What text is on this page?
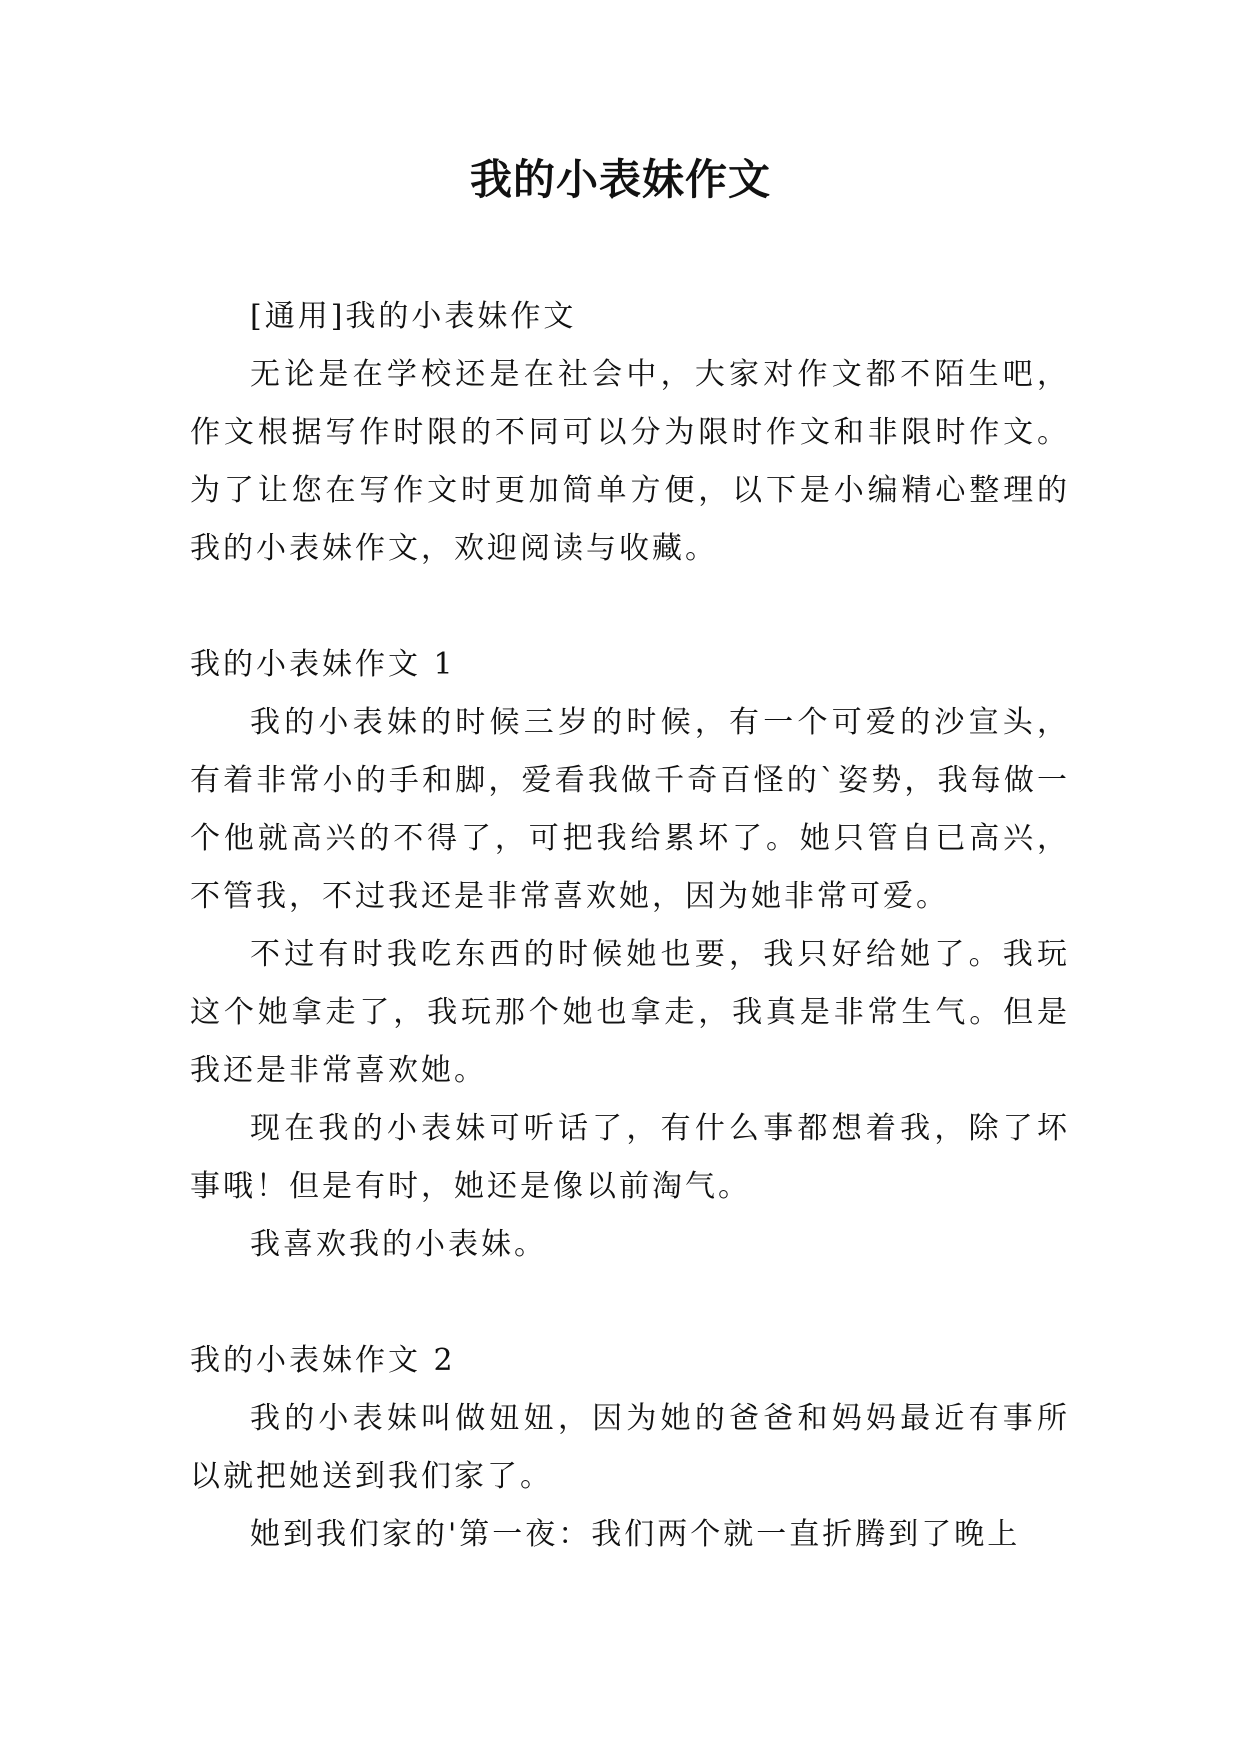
我的小表妹作文

[通用]我的小表妹作文

无论是在学校还是在社会中，大家对作文都不陌生吧，作文根据写作时限的不同可以分为限时作文和非限时作文。为了让您在写作文时更加简单方便，以下是小编精心整理的我的小表妹作文，欢迎阅读与收藏。

我的小表妹作文 1

我的小表妹的时候三岁的时候，有一个可爱的沙宣头，有着非常小的手和脚，爱看我做千奇百怪的`姿势，我每做一个他就高兴的不得了，可把我给累坏了。她只管自已高兴，不管我，不过我还是非常喜欢她，因为她非常可爱。

不过有时我吃东西的时候她也要，我只好给她了。我玩这个她拿走了，我玩那个她也拿走，我真是非常生气。但是我还是非常喜欢她。

现在我的小表妹可听话了，有什么事都想着我，除了坏事哦！但是有时，她还是像以前淘气。

我喜欢我的小表妹。

我的小表妹作文 2

我的小表妹叫做妞妞，因为她的爸爸和妈妈最近有事所以就把她送到我们家了。

她到我们家的'第一夜：我们两个就一直折腾到了晚上
